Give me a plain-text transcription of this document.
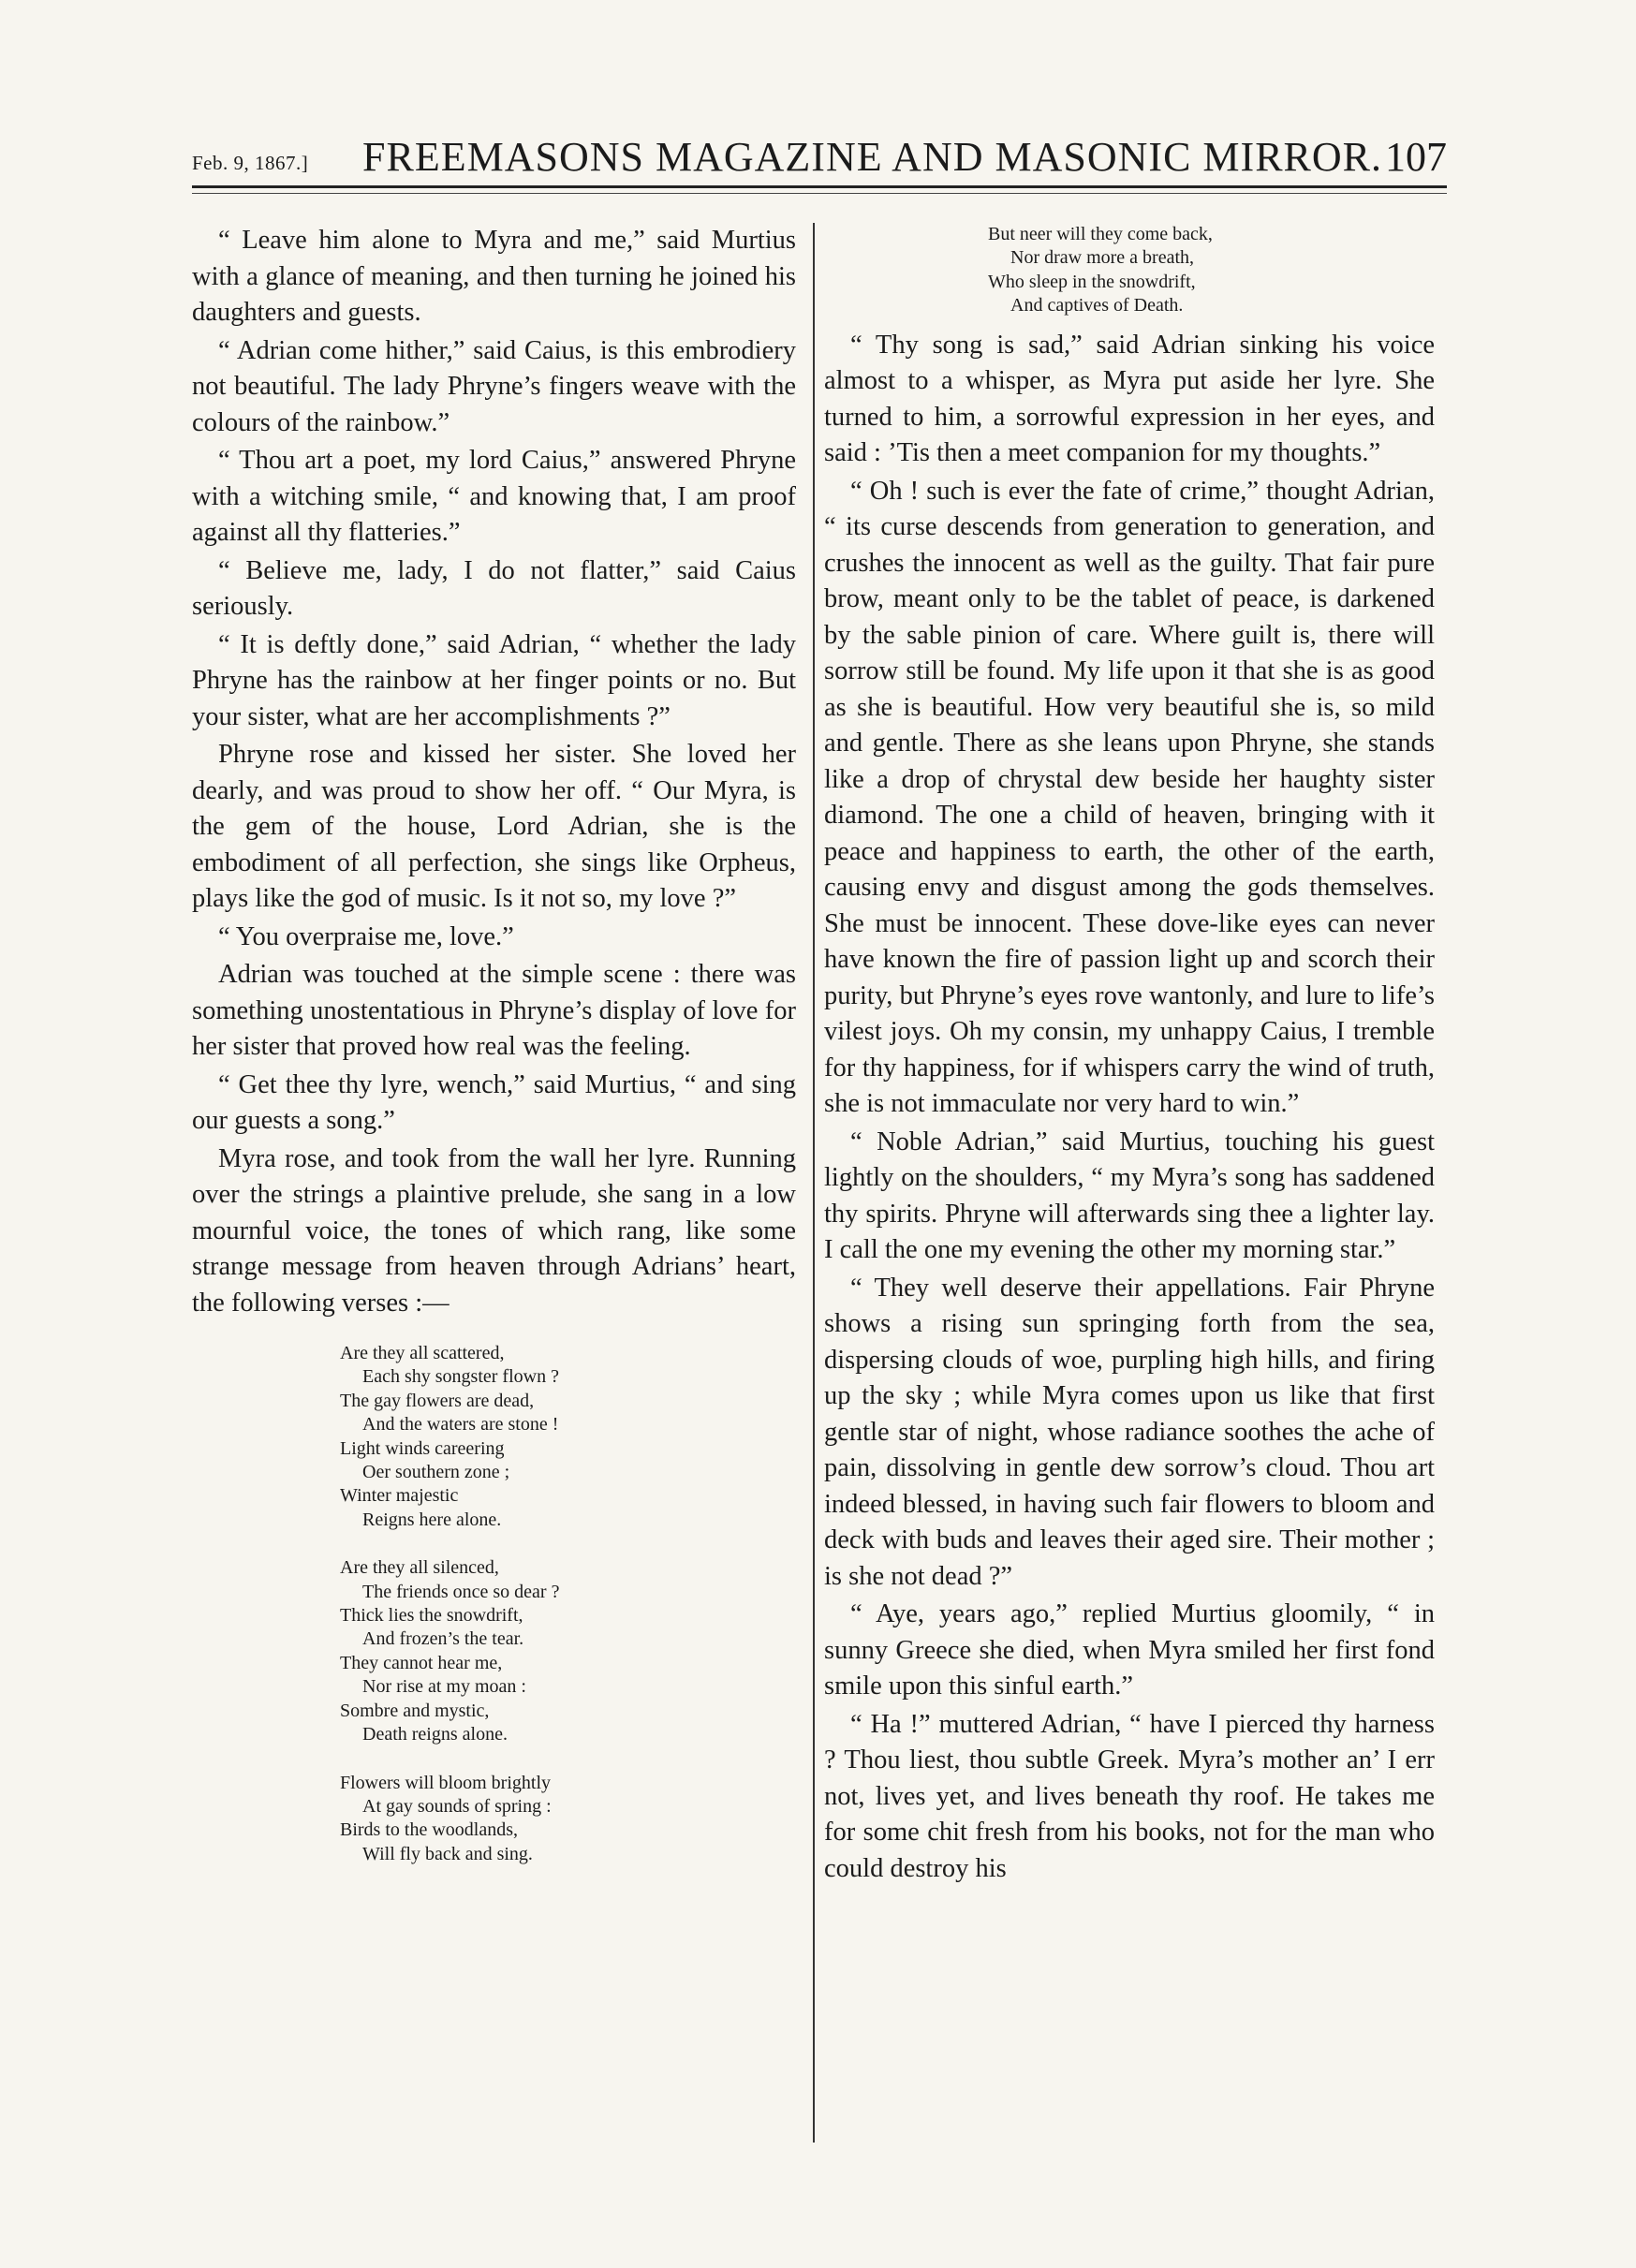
Feb. 9, 1867.] FREEMASONS MAGAZINE AND MASONIC MIRROR. 107

“ Leave him alone to Myra and me,” said Murtius with a glance of meaning, and then turning he joined his daughters and guests.

“ Adrian come hither,” said Caius, is this embrodiery not beautiful. The lady Phryne’s fingers weave with the colours of the rainbow.”

“ Thou art a poet, my lord Caius,” answered Phryne with a witching smile, “ and knowing that, I am proof against all thy flatteries.”

“ Believe me, lady, I do not flatter,” said Caius seriously.

“ It is deftly done,” said Adrian, “ whether the lady Phryne has the rainbow at her finger points or no. But your sister, what are her accomplishments ?”

Phryne rose and kissed her sister. She loved her dearly, and was proud to show her off. “ Our Myra, is the gem of the house, Lord Adrian, she is the embodiment of all perfection, she sings like Orpheus, plays like the god of music. Is it not so, my love ?”

“ You overpraise me, love.”

Adrian was touched at the simple scene : there was something unostentatious in Phryne’s display of love for her sister that proved how real was the feeling.

“ Get thee thy lyre, wench,” said Murtius, “ and sing our guests a song.”

Myra rose, and took from the wall her lyre. Running over the strings a plaintive prelude, she sang in a low mournful voice, the tones of which rang, like some strange message from heaven through Adrians’ heart, the following verses :—

Are they all scattered,
Each shy songster flown ?
The gay flowers are dead,
And the waters are stone !
Light winds careering
Oer southern zone ;
Winter majestic
Reigns here alone.
Are they all silenced,
The friends once so dear ?
Thick lies the snowdrift,
And frozen’s the tear.
They cannot hear me,
Nor rise at my moan :
Sombre and mystic,
Death reigns alone.
Flowers will bloom brightly
At gay sounds of spring :
Birds to the woodlands,
Will fly back and sing.
But neer will they come back,
Nor draw more a breath,
Who sleep in the snowdrift,
And captives of Death.

“ Thy song is sad,” said Adrian sinking his voice almost to a whisper, as Myra put aside her lyre. She turned to him, a sorrowful expression in her eyes, and said : ’Tis then a meet companion for my thoughts.”

“ Oh ! such is ever the fate of crime,” thought Adrian, “ its curse descends from generation to generation, and crushes the innocent as well as the guilty. That fair pure brow, meant only to be the tablet of peace, is darkened by the sable pinion of care. Where guilt is, there will sorrow still be found. My life upon it that she is as good as she is beautiful. How very beautiful she is, so mild and gentle. There as she leans upon Phryne, she stands like a drop of chrystal dew beside her haughty sister diamond. The one a child of heaven, bringing with it peace and happiness to earth, the other of the earth, causing envy and disgust among the gods themselves. She must be innocent. These dove-like eyes can never have known the fire of passion light up and scorch their purity, but Phryne’s eyes rove wantonly, and lure to life’s vilest joys. Oh my consin, my unhappy Caius, I tremble for thy happiness, for if whispers carry the wind of truth, she is not immaculate nor very hard to win.”

“ Noble Adrian,” said Murtius, touching his guest lightly on the shoulders, “ my Myra’s song has saddened thy spirits. Phryne will afterwards sing thee a lighter lay. I call the one my evening the other my morning star.”

“ They well deserve their appellations. Fair Phryne shows a rising sun springing forth from the sea, dispersing clouds of woe, purpling high hills, and firing up the sky ; while Myra comes upon us like that first gentle star of night, whose radiance soothes the ache of pain, dissolving in gentle dew sorrow’s cloud. Thou art indeed blessed, in having such fair flowers to bloom and deck with buds and leaves their aged sire. Their mother ; is she not dead ?”

“ Aye, years ago,” replied Murtius gloomily, “ in sunny Greece she died, when Myra smiled her first fond smile upon this sinful earth.”

“ Ha !” muttered Adrian, “ have I pierced thy harness ? Thou liest, thou subtle Greek. Myra’s mother an’ I err not, lives yet, and lives beneath thy roof. He takes me for some chit fresh from his books, not for the man who could destroy his
